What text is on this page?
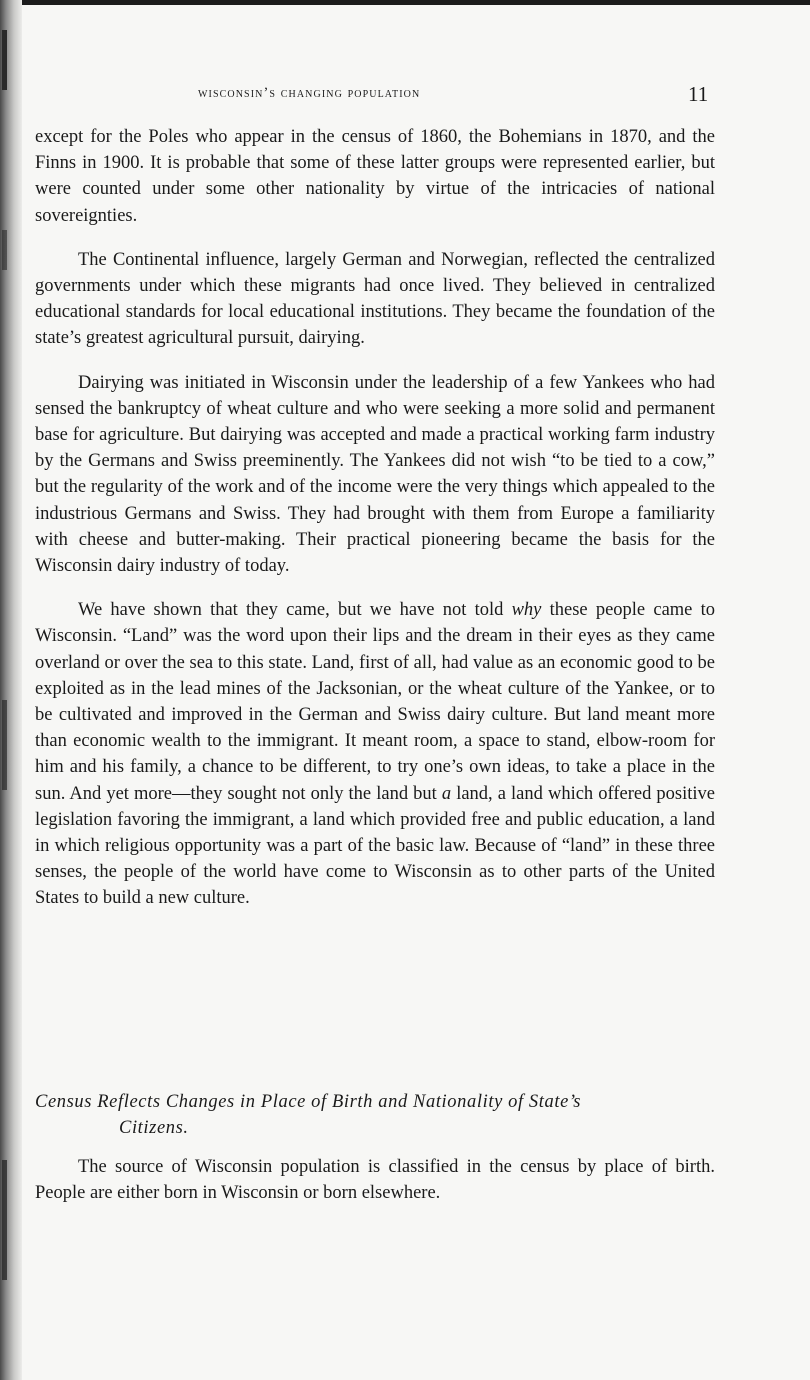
wisconsin’s changing population	11

except for the Poles who appear in the census of 1860, the Bohemians in 1870, and the Finns in 1900. It is probable that some of these latter groups were represented earlier, but were counted under some other nationality by virtue of the intricacies of national sovereignties.

The Continental influence, largely German and Norwegian, reflected the centralized governments under which these migrants had once lived. They believed in centralized educational standards for local educational institutions. They became the foundation of the state’s greatest agricultural pursuit, dairying.

Dairying was initiated in Wisconsin under the leadership of a few Yankees who had sensed the bankruptcy of wheat culture and who were seeking a more solid and permanent base for agriculture. But dairying was accepted and made a practical working farm industry by the Germans and Swiss preeminently. The Yankees did not wish “to be tied to a cow,” but the regularity of the work and of the income were the very things which appealed to the industrious Germans and Swiss. They had brought with them from Europe a familiarity with cheese and butter-making. Their practical pioneering became the basis for the Wisconsin dairy industry of today.

We have shown that they came, but we have not told why these people came to Wisconsin. “Land” was the word upon their lips and the dream in their eyes as they came overland or over the sea to this state. Land, first of all, had value as an economic good to be exploited as in the lead mines of the Jacksonian, or the wheat culture of the Yankee, or to be cultivated and improved in the German and Swiss dairy culture. But land meant more than economic wealth to the immigrant. It meant room, a space to stand, elbow-room for him and his family, a chance to be different, to try one’s own ideas, to take a place in the sun. And yet more—they sought not only the land but a land, a land which offered positive legislation favoring the immigrant, a land which provided free and public education, a land in which religious opportunity was a part of the basic law. Because of “land” in these three senses, the people of the world have come to Wisconsin as to other parts of the United States to build a new culture.

Census Reflects Changes in Place of Birth and Nationality of State’s
Citizens.

The source of Wisconsin population is classified in the census by place of birth. People are either born in Wisconsin or born elsewhere.
